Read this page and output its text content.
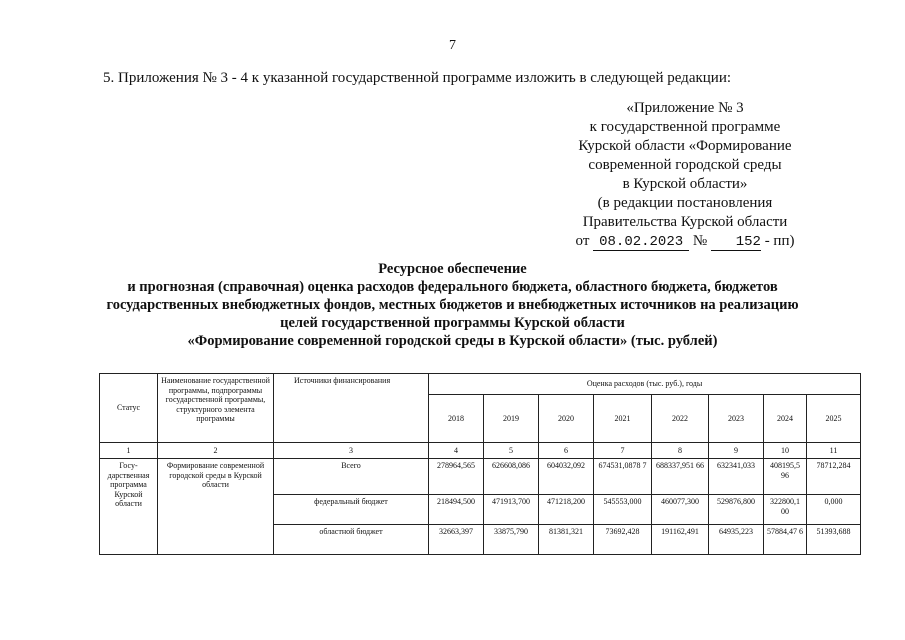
7
5. Приложения № 3 - 4 к указанной государственной программе изложить в следующей редакции:
«Приложение № 3
к государственной программе
Курской области «Формирование
современной городской среды
в Курской области»
(в редакции постановления
Правительства Курской области
от 08.02.2023 № 152 - пп)
Ресурсное обеспечение
и прогнозная (справочная) оценка расходов федерального бюджета, областного бюджета, бюджетов
государственных внебюджетных фондов, местных бюджетов и внебюджетных источников на реализацию
целей государственной программы Курской области
«Формирование современной городской среды в Курской области» (тыс. рублей)
Статус	Наименование государственной программы, подпрограммы государственной программы, структурного элемента программы	Источники финансирования	Оценка расходов (тыс. руб.), годы							
			2018	2019	2020	2021	2022	2023	2024	2025
1	2	3	4	5	6	7	8	9	10	11
Госу-дарственная программа Курской области	Формирование современной городской среды в Курской области	Всего	278964,565	626608,086	604032,092	674531,0878 7	688337,951 66	632341,033	408195,5 96	78712,284
		федеральный бюджет	218494,500	471913,700	471218,200	545553,000	460077,300	529876,800	322800,1 00	0,000
		областной бюджет	32663,397	33875,790	81381,321	73692,428	191162,491	64935,223	57884,47 6	51393,688
